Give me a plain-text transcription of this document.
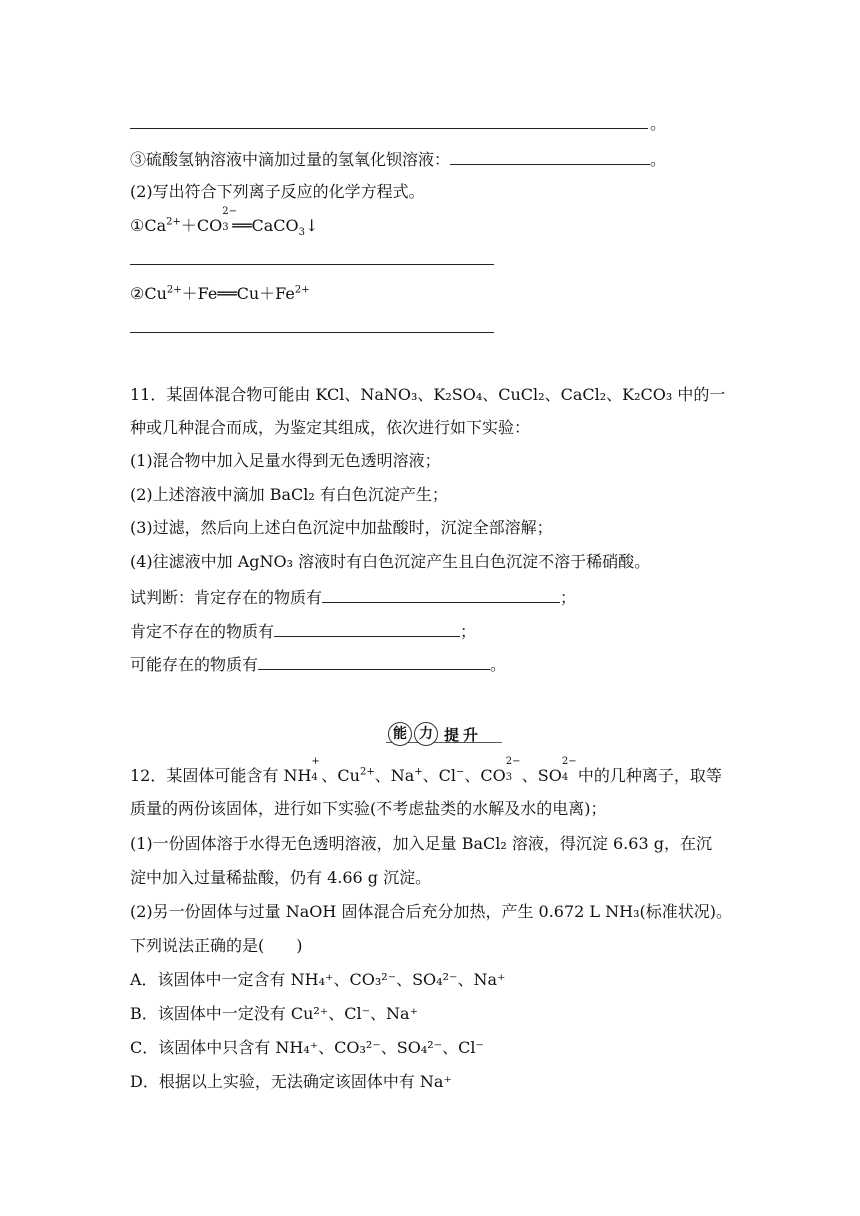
。
③硫酸氢钠溶液中滴加过量的氢氧化钡溶液：	。
(2)写出符合下列离子反应的化学方程式。
$①Ca^{2+}+CO$
2−
3 ══CaCO$_3$↓
$②Cu^{2+}+Fe══Cu+Fe^{2+}$
11．某固体混合物可能由 KCl、NaNO₃、K₂SO₄、CuCl₂、CaCl₂、K₂CO₃ 中的一
种或几种混合而成，为鉴定其组成，依次进行如下实验：
(1)混合物中加入足量水得到无色透明溶液；
(2)上述溶液中滴加 BaCl₂ 有白色沉淀产生；
(3)过滤，然后向上述白色沉淀中加盐酸时，沉淀全部溶解；
(4)往滤液中加 AgNO₃ 溶液时有白色沉淀产生且白色沉淀不溶于稀硝酸。
试判断：肯定存在的物质有	；
肯定不存在的物质有	；
可能存在的物质有	。
能 力 提升
12．某固体可能含有 NH
+
4 、$Cu^{2+}$、Na+、Cl−、CO
2−
3 、SO
2−
4 中的几种离子，取等
质量的两份该固体，进行如下实验(不考虑盐类的水解及水的电离)；
(1)一份固体溶于水得无色透明溶液，加入足量 BaCl₂ 溶液，得沉淀 6.63 g，在沉
淀中加入过量稀盐酸，仍有 4.66 g 沉淀。
(2)另一份固体与过量 NaOH 固体混合后充分加热，产生 0.672 L NH₃(标准状况)。
下列说法正确的是(　　)
A．该固体中一定含有 NH₄⁺、CO₃²⁻、SO₄²⁻、Na⁺
B．该固体中一定没有 Cu²⁺、Cl⁻、Na⁺
C．该固体中只含有 NH₄⁺、CO₃²⁻、SO₄²⁻、Cl⁻
D．根据以上实验，无法确定该固体中有 Na⁺
